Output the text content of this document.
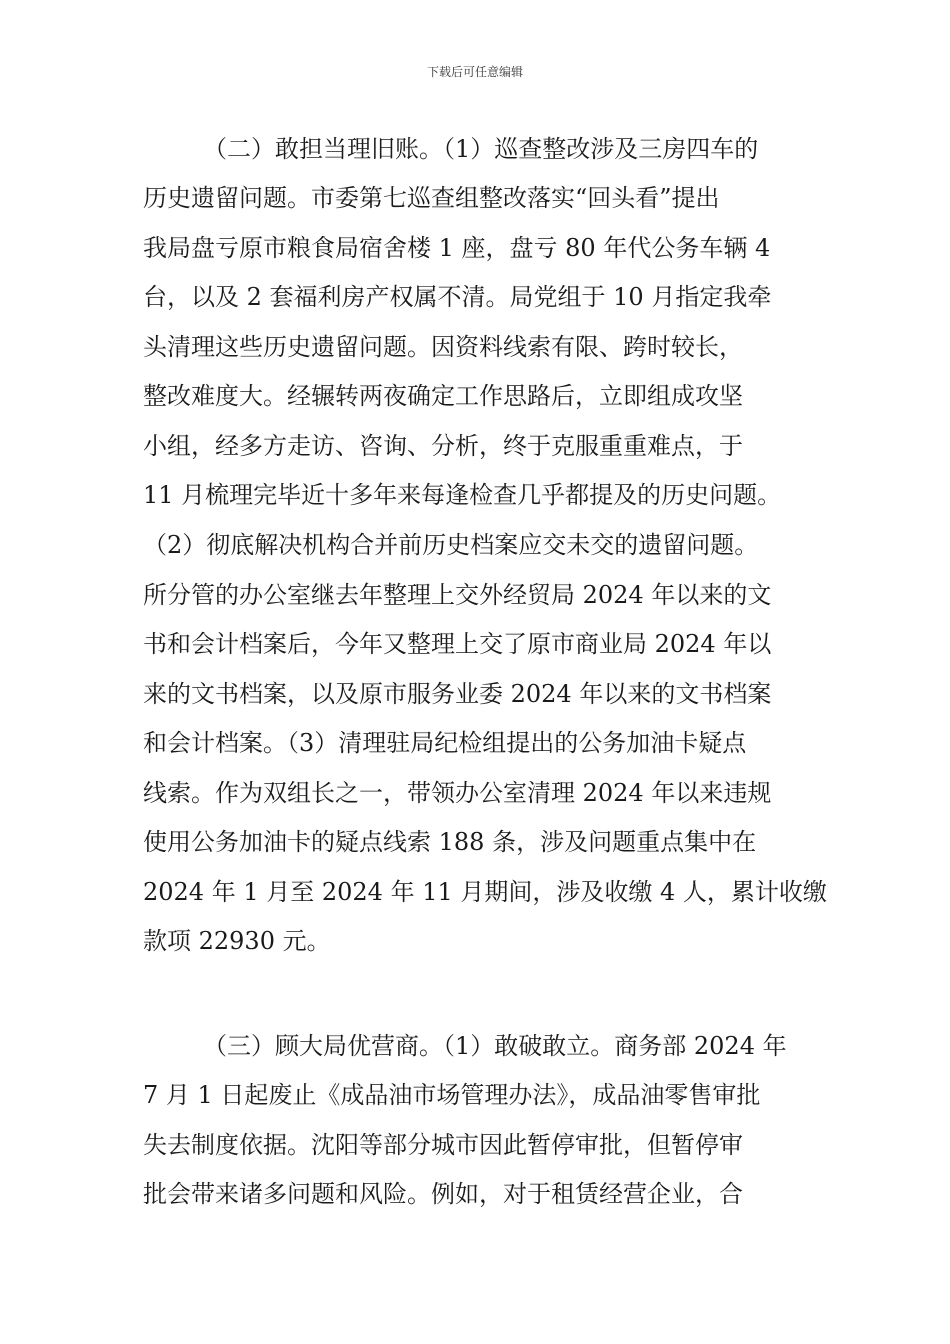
下载后可任意编辑
（二）敢担当理旧账。（1）巡查整改涉及三房四车的
历史遗留问题。市委第七巡查组整改落实“回头看”提出
我局盘亏原市粮食局宿舍楼 1 座，盘亏 80 年代公务车辆 4
台，以及 2 套福利房产权属不清。局党组于 10 月指定我牵
头清理这些历史遗留问题。因资料线索有限、跨时较长，
整改难度大。经辗转两夜确定工作思路后，立即组成攻坚
小组，经多方走访、咨询、分析，终于克服重重难点，于
11 月梳理完毕近十多年来每逢检查几乎都提及的历史问题。
（2）彻底解决机构合并前历史档案应交未交的遗留问题。
所分管的办公室继去年整理上交外经贸局 2024 年以来的文
书和会计档案后，今年又整理上交了原市商业局 2024 年以
来的文书档案，以及原市服务业委 2024 年以来的文书档案
和会计档案。（3）清理驻局纪检组提出的公务加油卡疑点
线索。作为双组长之一，带领办公室清理 2024 年以来违规
使用公务加油卡的疑点线索 188 条，涉及问题重点集中在
2024 年 1 月至 2024 年 11 月期间，涉及收缴 4 人，累计收缴
款项 22930 元。
（三）顾大局优营商。（1）敢破敢立。商务部 2024 年
7 月 1 日起废止《成品油市场管理办法》，成品油零售审批
失去制度依据。沈阳等部分城市因此暂停审批，但暂停审
批会带来诸多问题和风险。例如，对于租赁经营企业，合
